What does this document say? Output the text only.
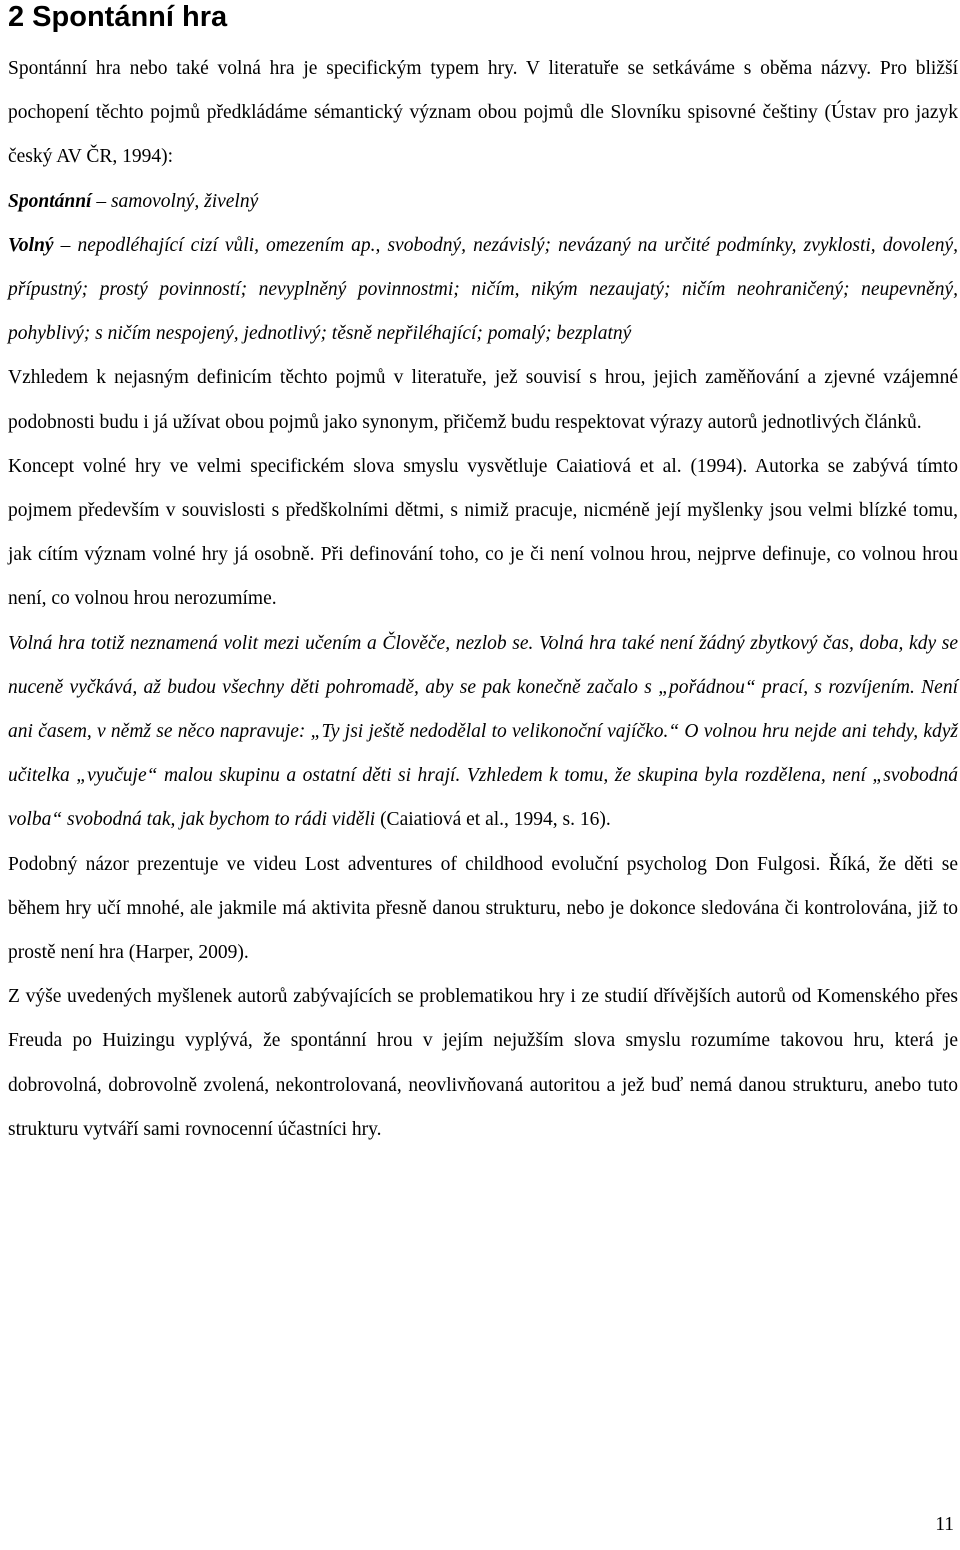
2 Spontánní hra

Spontánní hra nebo také volná hra je specifickým typem hry. V literatuře se setkáváme s oběma názvy. Pro bližší pochopení těchto pojmů předkládáme sémantický význam obou pojmů dle Slovníku spisovné češtiny (Ústav pro jazyk český AV ČR, 1994):

Spontánní – samovolný, živelný

Volný – nepodléhající cizí vůli, omezením ap., svobodný, nezávislý; nevázaný na určité podmínky, zvyklosti, dovolený, přípustný; prostý povinností; nevyplněný povinnostmi; ničím, nikým nezaujatý; ničím neohraničený; neupevněný, pohyblivý; s ničím nespojený, jednotlivý; těsně nepřiléhající; pomalý; bezplatný

Vzhledem k nejasným definicím těchto pojmů v literatuře, jež souvisí s hrou, jejich zaměňování a zjevné vzájemné podobnosti budu i já užívat obou pojmů jako synonym, přičemž budu respektovat výrazy autorů jednotlivých článků.

Koncept volné hry ve velmi specifickém slova smyslu vysvětluje Caiatiová et al. (1994). Autorka se zabývá tímto pojmem především v souvislosti s předškolními dětmi, s nimiž pracuje, nicméně její myšlenky jsou velmi blízké tomu, jak cítím význam volné hry já osobně. Při definování toho, co je či není volnou hrou, nejprve definuje, co volnou hrou není, co volnou hrou nerozumíme.

Volná hra totiž neznamená volit mezi učením a Člověče, nezlob se. Volná hra také není žádný zbytkový čas, doba, kdy se nuceně vyčkává, až budou všechny děti pohromadě, aby se pak konečně začalo s „pořádnou“ prací, s rozvíjením. Není ani časem, v němž se něco napravuje: „Ty jsi ještě nedodělal to velikonoční vajíčko.“ O volnou hru nejde ani tehdy, když učitelka „vyučuje“ malou skupinu a ostatní děti si hrají. Vzhledem k tomu, že skupina byla rozdělena, není „svobodná volba“ svobodná tak, jak bychom to rádi viděli (Caiatiová et al., 1994, s. 16).

Podobný názor prezentuje ve videu Lost adventures of childhood evoluční psycholog Don Fulgosi. Říká, že děti se během hry učí mnohé, ale jakmile má aktivita přesně danou strukturu, nebo je dokonce sledována či kontrolována, již to prostě není hra (Harper, 2009).

Z výše uvedených myšlenek autorů zabývajících se problematikou hry i ze studií dřívějších autorů od Komenského přes Freuda po Huizingu vyplývá, že spontánní hrou v jejím nejužším slova smyslu rozumíme takovou hru, která je dobrovolná, dobrovolně zvolená, nekontrolovaná, neovlivňovaná autoritou a jež buď nemá danou strukturu, anebo tuto strukturu vytváří sami rovnocenní účastníci hry.

11
